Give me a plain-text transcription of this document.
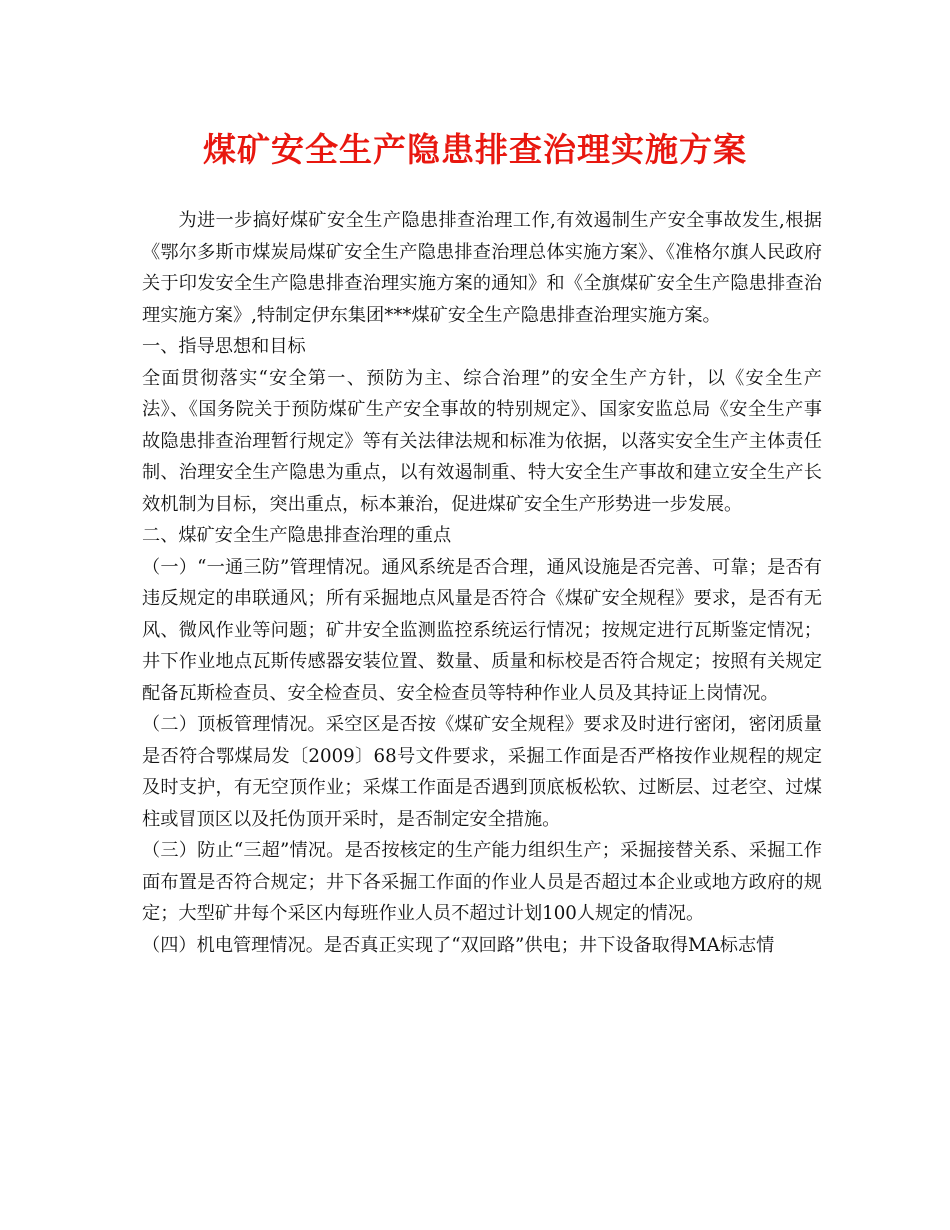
煤矿安全生产隐患排查治理实施方案

为进一步搞好煤矿安全生产隐患排查治理工作,有效遏制生产安全事故发生,根据《鄂尔多斯市煤炭局煤矿安全生产隐患排查治理总体实施方案》、《准格尔旗人民政府关于印发安全生产隐患排查治理实施方案的通知》和《全旗煤矿安全生产隐患排查治理实施方案》,特制定伊东集团***煤矿安全生产隐患排查治理实施方案。

一、指导思想和目标

全面贯彻落实“安全第一、预防为主、综合治理”的安全生产方针，以《安全生产法》、《国务院关于预防煤矿生产安全事故的特别规定》、国家安监总局《安全生产事故隐患排查治理暂行规定》等有关法律法规和标准为依据，以落实安全生产主体责任制、治理安全生产隐患为重点，以有效遏制重、特大安全生产事故和建立安全生产长效机制为目标，突出重点，标本兼治，促进煤矿安全生产形势进一步发展。

二、煤矿安全生产隐患排查治理的重点

（一）“一通三防”管理情况。通风系统是否合理，通风设施是否完善、可靠；是否有违反规定的串联通风；所有采掘地点风量是否符合《煤矿安全规程》要求，是否有无风、微风作业等问题；矿井安全监测监控系统运行情况；按规定进行瓦斯鉴定情况；井下作业地点瓦斯传感器安装位置、数量、质量和标校是否符合规定；按照有关规定配备瓦斯检查员、安全检查员、安全检查员等特种作业人员及其持证上岗情况。

（二）顶板管理情况。采空区是否按《煤矿安全规程》要求及时进行密闭，密闭质量是否符合鄂煤局发〔2009〕68号文件要求，采掘工作面是否严格按作业规程的规定及时支护，有无空顶作业；采煤工作面是否遇到顶底板松软、过断层、过老空、过煤柱或冒顶区以及托伪顶开采时，是否制定安全措施。

（三）防止“三超”情况。是否按核定的生产能力组织生产；采掘接替关系、采掘工作面布置是否符合规定；井下各采掘工作面的作业人员是否超过本企业或地方政府的规定；大型矿井每个采区内每班作业人员不超过计划100人规定的情况。

（四）机电管理情况。是否真正实现了“双回路”供电；井下设备取得MA标志情
